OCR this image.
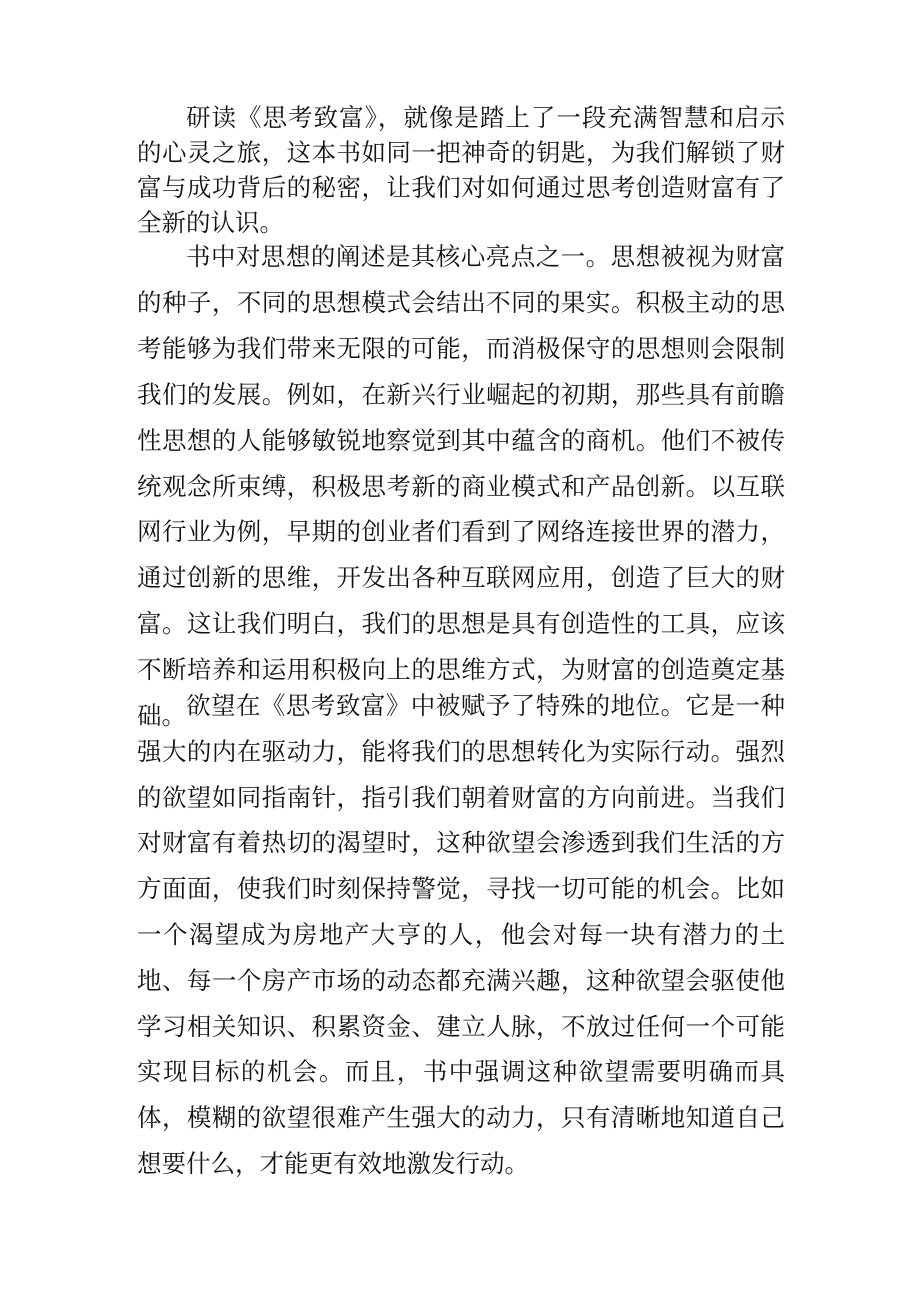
研读《思考致富》，就像是踏上了一段充满智慧和启示的心灵之旅，这本书如同一把神奇的钥匙，为我们解锁了财富与成功背后的秘密，让我们对如何通过思考创造财富有了全新的认识。

书中对思想的阐述是其核心亮点之一。思想被视为财富的种子，不同的思想模式会结出不同的果实。积极主动的思考能够为我们带来无限的可能，而消极保守的思想则会限制我们的发展。例如，在新兴行业崛起的初期，那些具有前瞻性思想的人能够敏锐地察觉到其中蕴含的商机。他们不被传统观念所束缚，积极思考新的商业模式和产品创新。以互联网行业为例，早期的创业者们看到了网络连接世界的潜力，通过创新的思维，开发出各种互联网应用，创造了巨大的财富。这让我们明白，我们的思想是具有创造性的工具，应该不断培养和运用积极向上的思维方式，为财富的创造奠定基础。 欲望在《思考致富》中被赋予了特殊的地位。它是一种强大的内在驱动力，能将我们的思想转化为实际行动。强烈的欲望如同指南针，指引我们朝着财富的方向前进。当我们对财富有着热切的渴望时，这种欲望会渗透到我们生活的方方面面，使我们时刻保持警觉，寻找一切可能的机会。比如一个渴望成为房地产大亨的人，他会对每一块有潜力的土地、每一个房产市场的动态都充满兴趣，这种欲望会驱使他学习相关知识、积累资金、建立人脉，不放过任何一个可能实现目标的机会。而且，书中强调这种欲望需要明确而具体，模糊的欲望很难产生强大的动力，只有清晰地知道自己想要什么，才能更有效地激发行动。
